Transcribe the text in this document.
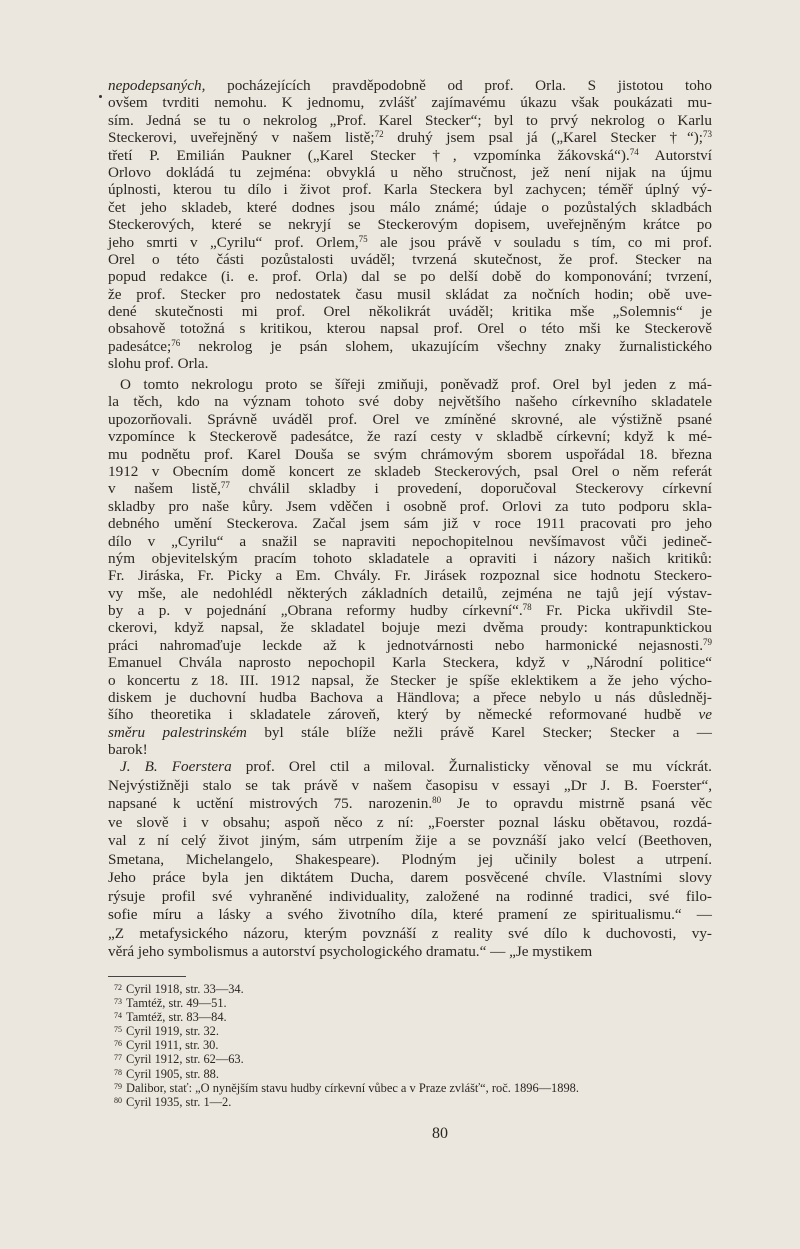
nepodepsaných, pocházejících pravděpodobně od prof. Orla. S jistotou toho
ovšem tvrditi nemohu. K jednomu, zvlášť zajímavému úkazu však poukázati mu-
sím. Jedná se tu o nekrolog „Prof. Karel Stecker“; byl to prvý nekrolog o Karlu
Steckerovi, uveřejněný v našem listě;$^{72}$ druhý jsem psal já („Karel Stecker †“);$^{73}$
třetí P. Emilián Paukner („Karel Stecker †, vzpomínka žákovská“).$^{74}$ Autorství
Orlovo dokládá tu zejména: obvyklá u něho stručnost, jež není nijak na újmu
úplnosti, kterou tu dílo i život prof. Karla Steckera byl zachycen; téměř úplný vý-
čet jeho skladeb, které dodnes jsou málo známé; údaje o pozůstalých skladbách
Steckerových, které se nekryjí se Steckerovým dopisem, uveřejněným krátce po
jeho smrti v „Cyrilu“ prof. Orlem,$^{75}$ ale jsou právě v souladu s tím, co mi prof.
Orel o této části pozůstalosti uváděl; tvrzená skutečnost, že prof. Stecker na
popud redakce (i. e. prof. Orla) dal se po delší době do komponování; tvrzení,
že prof. Stecker pro nedostatek času musil skládat za nočních hodin; obě uve-
dené skutečnosti mi prof. Orel několikrát uváděl; kritika mše „Solemnis“ je
obsahově totožná s kritikou, kterou napsal prof. Orel o této mši ke Steckerově
padesátce;$^{76}$ nekrolog je psán slohem, ukazujícím všechny znaky žurnalistického
slohu prof. Orla.
O tomto nekrologu proto se šířeji zmiňuji, poněvadž prof. Orel byl jeden z má-
la těch, kdo na význam tohoto své doby největšího našeho církevního skladatele
upozorňovali. Správně uváděl prof. Orel ve zmíněné skrovné, ale výstižně psané
vzpomínce k Steckerově padesátce, že razí cesty v skladbě církevní; když k mé-
mu podnětu prof. Karel Douša se svým chrámovým sborem uspořádal 18. března
1912 v Obecním domě koncert ze skladeb Steckerových, psal Orel o něm referát
v našem listě,$^{77}$ chválil skladby i provedení, doporučoval Steckerovy církevní
skladby pro naše kůry. Jsem vděčen i osobně prof. Orlovi za tuto podporu skla-
debného umění Steckerova. Začal jsem sám již v roce 1911 pracovati pro jeho
dílo v „Cyrilu“ a snažil se napraviti nepochopitelnou nevšímavost vůči jedineč-
ným objevitelským pracím tohoto skladatele a opraviti i názory našich kritiků:
Fr. Jiráska, Fr. Picky a Em. Chvály. Fr. Jirásek rozpoznal sice hodnotu Steckero-
vy mše, ale nedohlédl některých základních detailů, zejména ne tajů její výstav-
by a p. v pojednání „Obrana reformy hudby církevní“.$^{78}$ Fr. Picka ukřivdil Ste-
ckerovi, když napsal, že skladatel bojuje mezi dvěma proudy: kontrapunktickou
práci nahromaďuje leckde až k jednotvárnosti nebo harmonické nejasnosti.$^{79}$
Emanuel Chvála naprosto nepochopil Karla Steckera, když v „Národní politice“
o koncertu z 18. III. 1912 napsal, že Stecker je spíše eklektikem a že jeho výcho-
diskem je duchovní hudba Bachova a Händlova; a přece nebylo u nás důsledněj-
šího theoretika i skladatele zároveň, který by německé reformované hudbě ve
směru palestrinském byl stále blíže nežli právě Karel Stecker; Stecker a —
barok!
J. B. Foerstera prof. Orel ctil a miloval. Žurnalisticky věnoval se mu víckrát.
Nejvýstižněji stalo se tak právě v našem časopisu v essayi „Dr J. B. Foerster“,
napsané k uctění mistrových 75. narozenin.$^{80}$ Je to opravdu mistrně psaná věc
ve slově i v obsahu; aspoň něco z ní: „Foerster poznal lásku obětavou, rozdá-
val z ní celý život jiným, sám utrpením žije a se povznáší jako velcí (Beethoven,
Smetana, Michelangelo, Shakespeare). Plodným jej učinily bolest a utrpení.
Jeho práce byla jen diktátem Ducha, darem posvěcené chvíle. Vlastními slovy
rýsuje profil své vyhraněné individuality, založené na rodinné tradici, své filo-
sofie míru a lásky a svého životního díla, které pramení ze spiritualismu.“ —
„Z metafysického názoru, kterým povznáší z reality své dílo k duchovosti, vy-
věrá jeho symbolismus a autorství psychologického dramatu.“ — „Je mystikem
$^{72}$ Cyril 1918, str. 33—34.
$^{73}$ Tamtéž, str. 49—51.
$^{74}$ Tamtéž, str. 83—84.
$^{75}$ Cyril 1919, str. 32.
$^{76}$ Cyril 1911, str. 30.
$^{77}$ Cyril 1912, str. 62—63.
$^{78}$ Cyril 1905, str. 88.
$^{79}$ Dalibor, stať: „O nynějším stavu hudby církevní vůbec a v Praze zvlášť“, roč. 1896—1898.
$^{80}$ Cyril 1935, str. 1—2.
80
